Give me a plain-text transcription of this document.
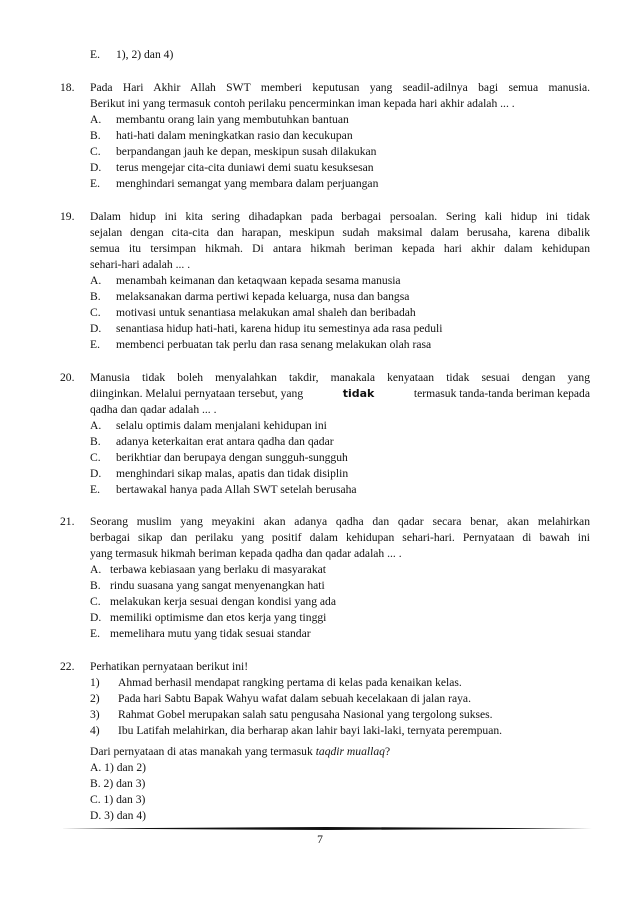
E. 1), 2) dan 4)
18. Pada Hari Akhir Allah SWT memberi keputusan yang seadil-adilnya bagi semua manusia.
Berikut ini yang termasuk contoh perilaku pencerminkan iman kepada hari akhir adalah ... .
A. membantu orang lain yang membutuhkan bantuan
B. hati-hati dalam meningkatkan rasio dan kecukupan
C. berpandangan jauh ke depan, meskipun susah dilakukan
D. terus mengejar cita-cita duniawi demi suatu kesuksesan
E. menghindari semangat yang membara dalam perjuangan
19. Dalam hidup ini kita sering dihadapkan pada berbagai persoalan. Sering kali hidup ini tidak
sejalan dengan cita-cita dan harapan, meskipun sudah maksimal dalam berusaha, karena dibalik
semua itu tersimpan hikmah. Di antara hikmah beriman kepada hari akhir dalam kehidupan
sehari-hari adalah ... .
A. menambah keimanan dan ketaqwaan kepada sesama manusia
B. melaksanakan darma pertiwi kepada keluarga, nusa dan bangsa
C. motivasi untuk senantiasa melakukan amal shaleh dan beribadah
D. senantiasa hidup hati-hati, karena hidup itu semestinya ada rasa peduli
E. membenci perbuatan tak perlu dan rasa senang melakukan olah rasa
20. Manusia tidak boleh menyalahkan takdir, manakala kenyataan tidak sesuai dengan yang
diinginkan. Melalui pernyataan tersebut, yang	tidak	termasuk tanda-tanda beriman kepada
qadha dan qadar adalah ... .
A. selalu optimis dalam menjalani kehidupan ini
B. adanya keterkaitan erat antara qadha dan qadar
C. berikhtiar dan berupaya dengan sungguh-sungguh
D. menghindari sikap malas, apatis dan tidak disiplin
E. bertawakal hanya pada Allah SWT setelah berusaha
21. Seorang muslim yang meyakini akan adanya qadha dan qadar secara benar, akan melahirkan
berbagai sikap dan perilaku yang positif dalam kehidupan sehari-hari. Pernyataan di bawah ini
yang termasuk hikmah beriman kepada qadha dan qadar adalah ... .
A. terbawa kebiasaan yang berlaku di masyarakat
B. rindu suasana yang sangat menyenangkan hati
C. melakukan kerja sesuai dengan kondisi yang ada
D. memiliki optimisme dan etos kerja yang tinggi
E. memelihara mutu yang tidak sesuai standar
22. Perhatikan pernyataan berikut ini!
1) Ahmad berhasil mendapat rangking pertama di kelas pada kenaikan kelas.
2) Pada hari Sabtu Bapak Wahyu wafat dalam sebuah kecelakaan di jalan raya.
3) Rahmat Gobel merupakan salah satu pengusaha Nasional yang tergolong sukses.
4) Ibu Latifah melahirkan, dia berharap akan lahir bayi laki-laki, ternyata perempuan.
Dari pernyataan di atas manakah yang termasuk taqdir muallaq?
A. 1) dan 2)
B. 2) dan 3)
C. 1) dan 3)
D. 3) dan 4)
7
